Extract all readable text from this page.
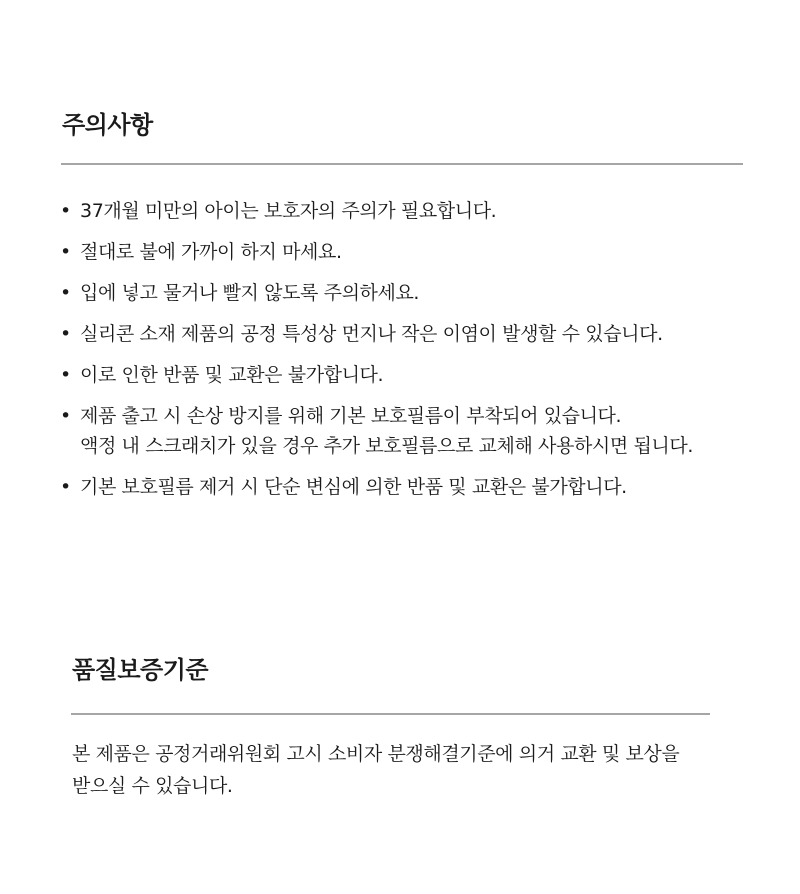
주의사항
• 37개월 미만의 아이는 보호자의 주의가 필요합니다.
• 절대로 불에 가까이 하지 마세요.
• 입에 넣고 물거나 빨지 않도록 주의하세요.
• 실리콘 소재 제품의 공정 특성상 먼지나 작은 이염이 발생할 수 있습니다.
• 이로 인한 반품 및 교환은 불가합니다.
• 제품 출고 시 손상 방지를 위해 기본 보호필름이 부착되어 있습니다.
액정 내 스크래치가 있을 경우 추가 보호필름으로 교체해 사용하시면 됩니다.
• 기본 보호필름 제거 시 단순 변심에 의한 반품 및 교환은 불가합니다.
품질보증기준

본 제품은 공정거래위원회 고시 소비자 분쟁해결기준에 의거 교환 및 보상을
받으실 수 있습니다.
